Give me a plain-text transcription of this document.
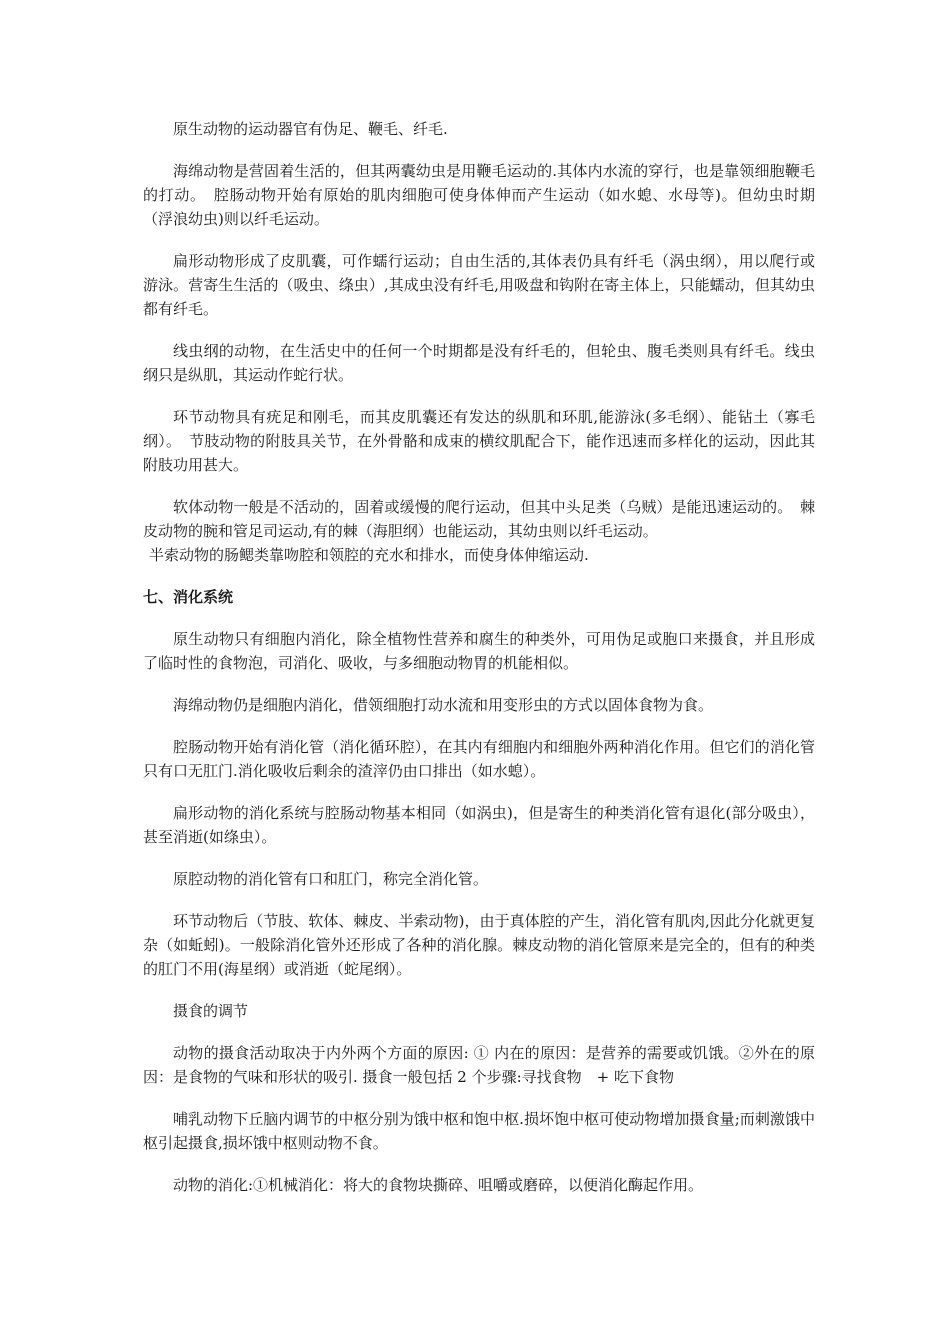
原生动物的运动器官有伪足、鞭毛、纤毛.

海绵动物是营固着生活的，但其两囊幼虫是用鞭毛运动的.其体内水流的穿行，也是靠领细胞鞭毛的打动。　腔肠动物开始有原始的肌肉细胞可使身体伸而产生运动（如水螅、水母等)。但幼虫时期（浮浪幼虫)则以纤毛运动。

扁形动物形成了皮肌囊，可作蠕行运动；自由生活的,其体表仍具有纤毛（涡虫纲），用以爬行或游泳。营寄生生活的（吸虫、绦虫）,其成虫没有纤毛,用吸盘和钩附在寄主体上，只能蠕动，但其幼虫都有纤毛。

线虫纲的动物，在生活史中的任何一个时期都是没有纤毛的，但轮虫、腹毛类则具有纤毛。线虫纲只是纵肌，其运动作蛇行状。

环节动物具有疣足和刚毛，而其皮肌囊还有发达的纵肌和环肌,能游泳(多毛纲）、能钻土（寡毛纲）。　节肢动物的附肢具关节，在外骨骼和成束的横纹肌配合下，能作迅速而多样化的运动，因此其附肢功用甚大。

软体动物一般是不活动的，固着或缓慢的爬行运动，但其中头足类（乌贼）是能迅速运动的。　棘皮动物的腕和管足司运动,有的棘（海胆纲）也能运动，其幼虫则以纤毛运动。

半索动物的肠鳃类靠吻腔和领腔的充水和排水，而使身体伸缩运动.

七、消化系统

原生动物只有细胞内消化，除全植物性营养和腐生的种类外，可用伪足或胞口来摄食，并且形成了临时性的食物泡，司消化、吸收，与多细胞动物胃的机能相似。

海绵动物仍是细胞内消化，借领细胞打动水流和用变形虫的方式以固体食物为食。

腔肠动物开始有消化管（消化循环腔），在其内有细胞内和细胞外两种消化作用。但它们的消化管只有口无肛门.消化吸收后剩余的渣滓仍由口排出（如水螅）。

扁形动物的消化系统与腔肠动物基本相同（如涡虫)，但是寄生的种类消化管有退化(部分吸虫），甚至消逝(如绦虫）。

原腔动物的消化管有口和肛门，称完全消化管。

环节动物后（节肢、软体、棘皮、半索动物)，由于真体腔的产生，消化管有肌肉,因此分化就更复杂（如蚯蚓)。一般除消化管外还形成了各种的消化腺。棘皮动物的消化管原来是完全的，但有的种类的肛门不用(海星纲）或消逝（蛇尾纲）。

摄食的调节

动物的摄食活动取决于内外两个方面的原因: ① 内在的原因：是营养的需要或饥饿。②外在的原因：是食物的气味和形状的吸引. 摄食一般包括 2 个步骤:寻找食物　+ 吃下食物

哺乳动物下丘脑内调节的中枢分别为饿中枢和饱中枢.损坏饱中枢可使动物增加摄食量;而刺激饿中枢引起摄食,损坏饿中枢则动物不食。

动物的消化:①机械消化：将大的食物块撕碎、咀嚼或磨碎，以便消化酶起作用。
